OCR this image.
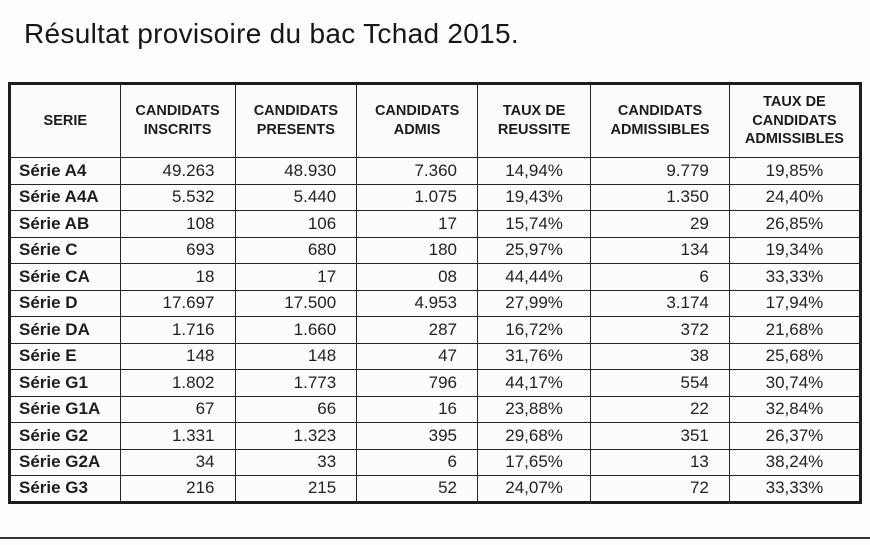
Résultat provisoire du bac Tchad 2015.
SERIE	CANDIDATS INSCRITS	CANDIDATS PRESENTS	CANDIDATS ADMIS	TAUX DE REUSSITE	CANDIDATS ADMISSIBLES	TAUX DE CANDIDATS ADMISSIBLES
Série A4	49.263	48.930	7.360	14,94%	9.779	19,85%
Série A4A	5.532	5.440	1.075	19,43%	1.350	24,40%
Série AB	108	106	17	15,74%	29	26,85%
Série C	693	680	180	25,97%	134	19,34%
Série CA	18	17	08	44,44%	6	33,33%
Série D	17.697	17.500	4.953	27,99%	3.174	17,94%
Série DA	1.716	1.660	287	16,72%	372	21,68%
Série E	148	148	47	31,76%	38	25,68%
Série G1	1.802	1.773	796	44,17%	554	30,74%
Série G1A	67	66	16	23,88%	22	32,84%
Série G2	1.331	1.323	395	29,68%	351	26,37%
Série G2A	34	33	6	17,65%	13	38,24%
Série G3	216	215	52	24,07%	72	33,33%
